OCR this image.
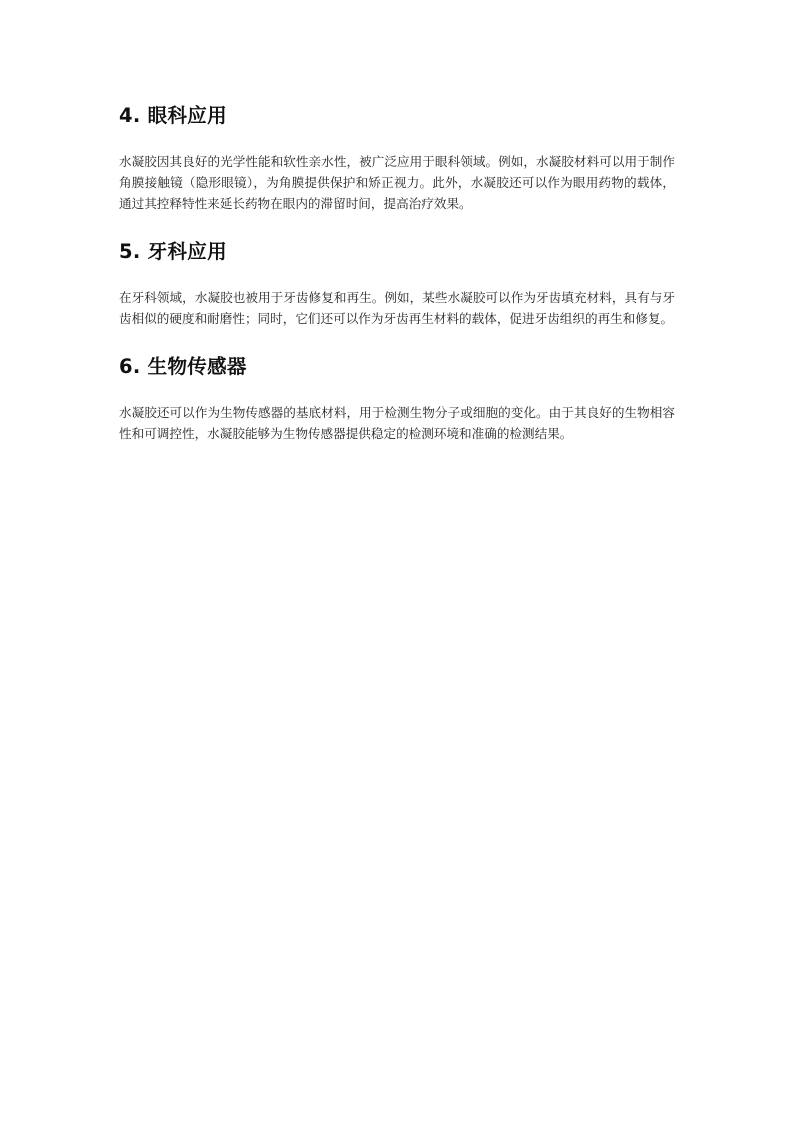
4. 眼科应用

水凝胶因其良好的光学性能和软性亲水性，被广泛应用于眼科领域。例如，水凝胶材料可以用于制作角膜接触镜（隐形眼镜），为角膜提供保护和矫正视力。此外，水凝胶还可以作为眼用药物的载体，通过其控释特性来延长药物在眼内的滞留时间，提高治疗效果。

5. 牙科应用

在牙科领域，水凝胶也被用于牙齿修复和再生。例如，某些水凝胶可以作为牙齿填充材料，具有与牙齿相似的硬度和耐磨性；同时，它们还可以作为牙齿再生材料的载体，促进牙齿组织的再生和修复。

6. 生物传感器

水凝胶还可以作为生物传感器的基底材料，用于检测生物分子或细胞的变化。由于其良好的生物相容性和可调控性，水凝胶能够为生物传感器提供稳定的检测环境和准确的检测结果。
